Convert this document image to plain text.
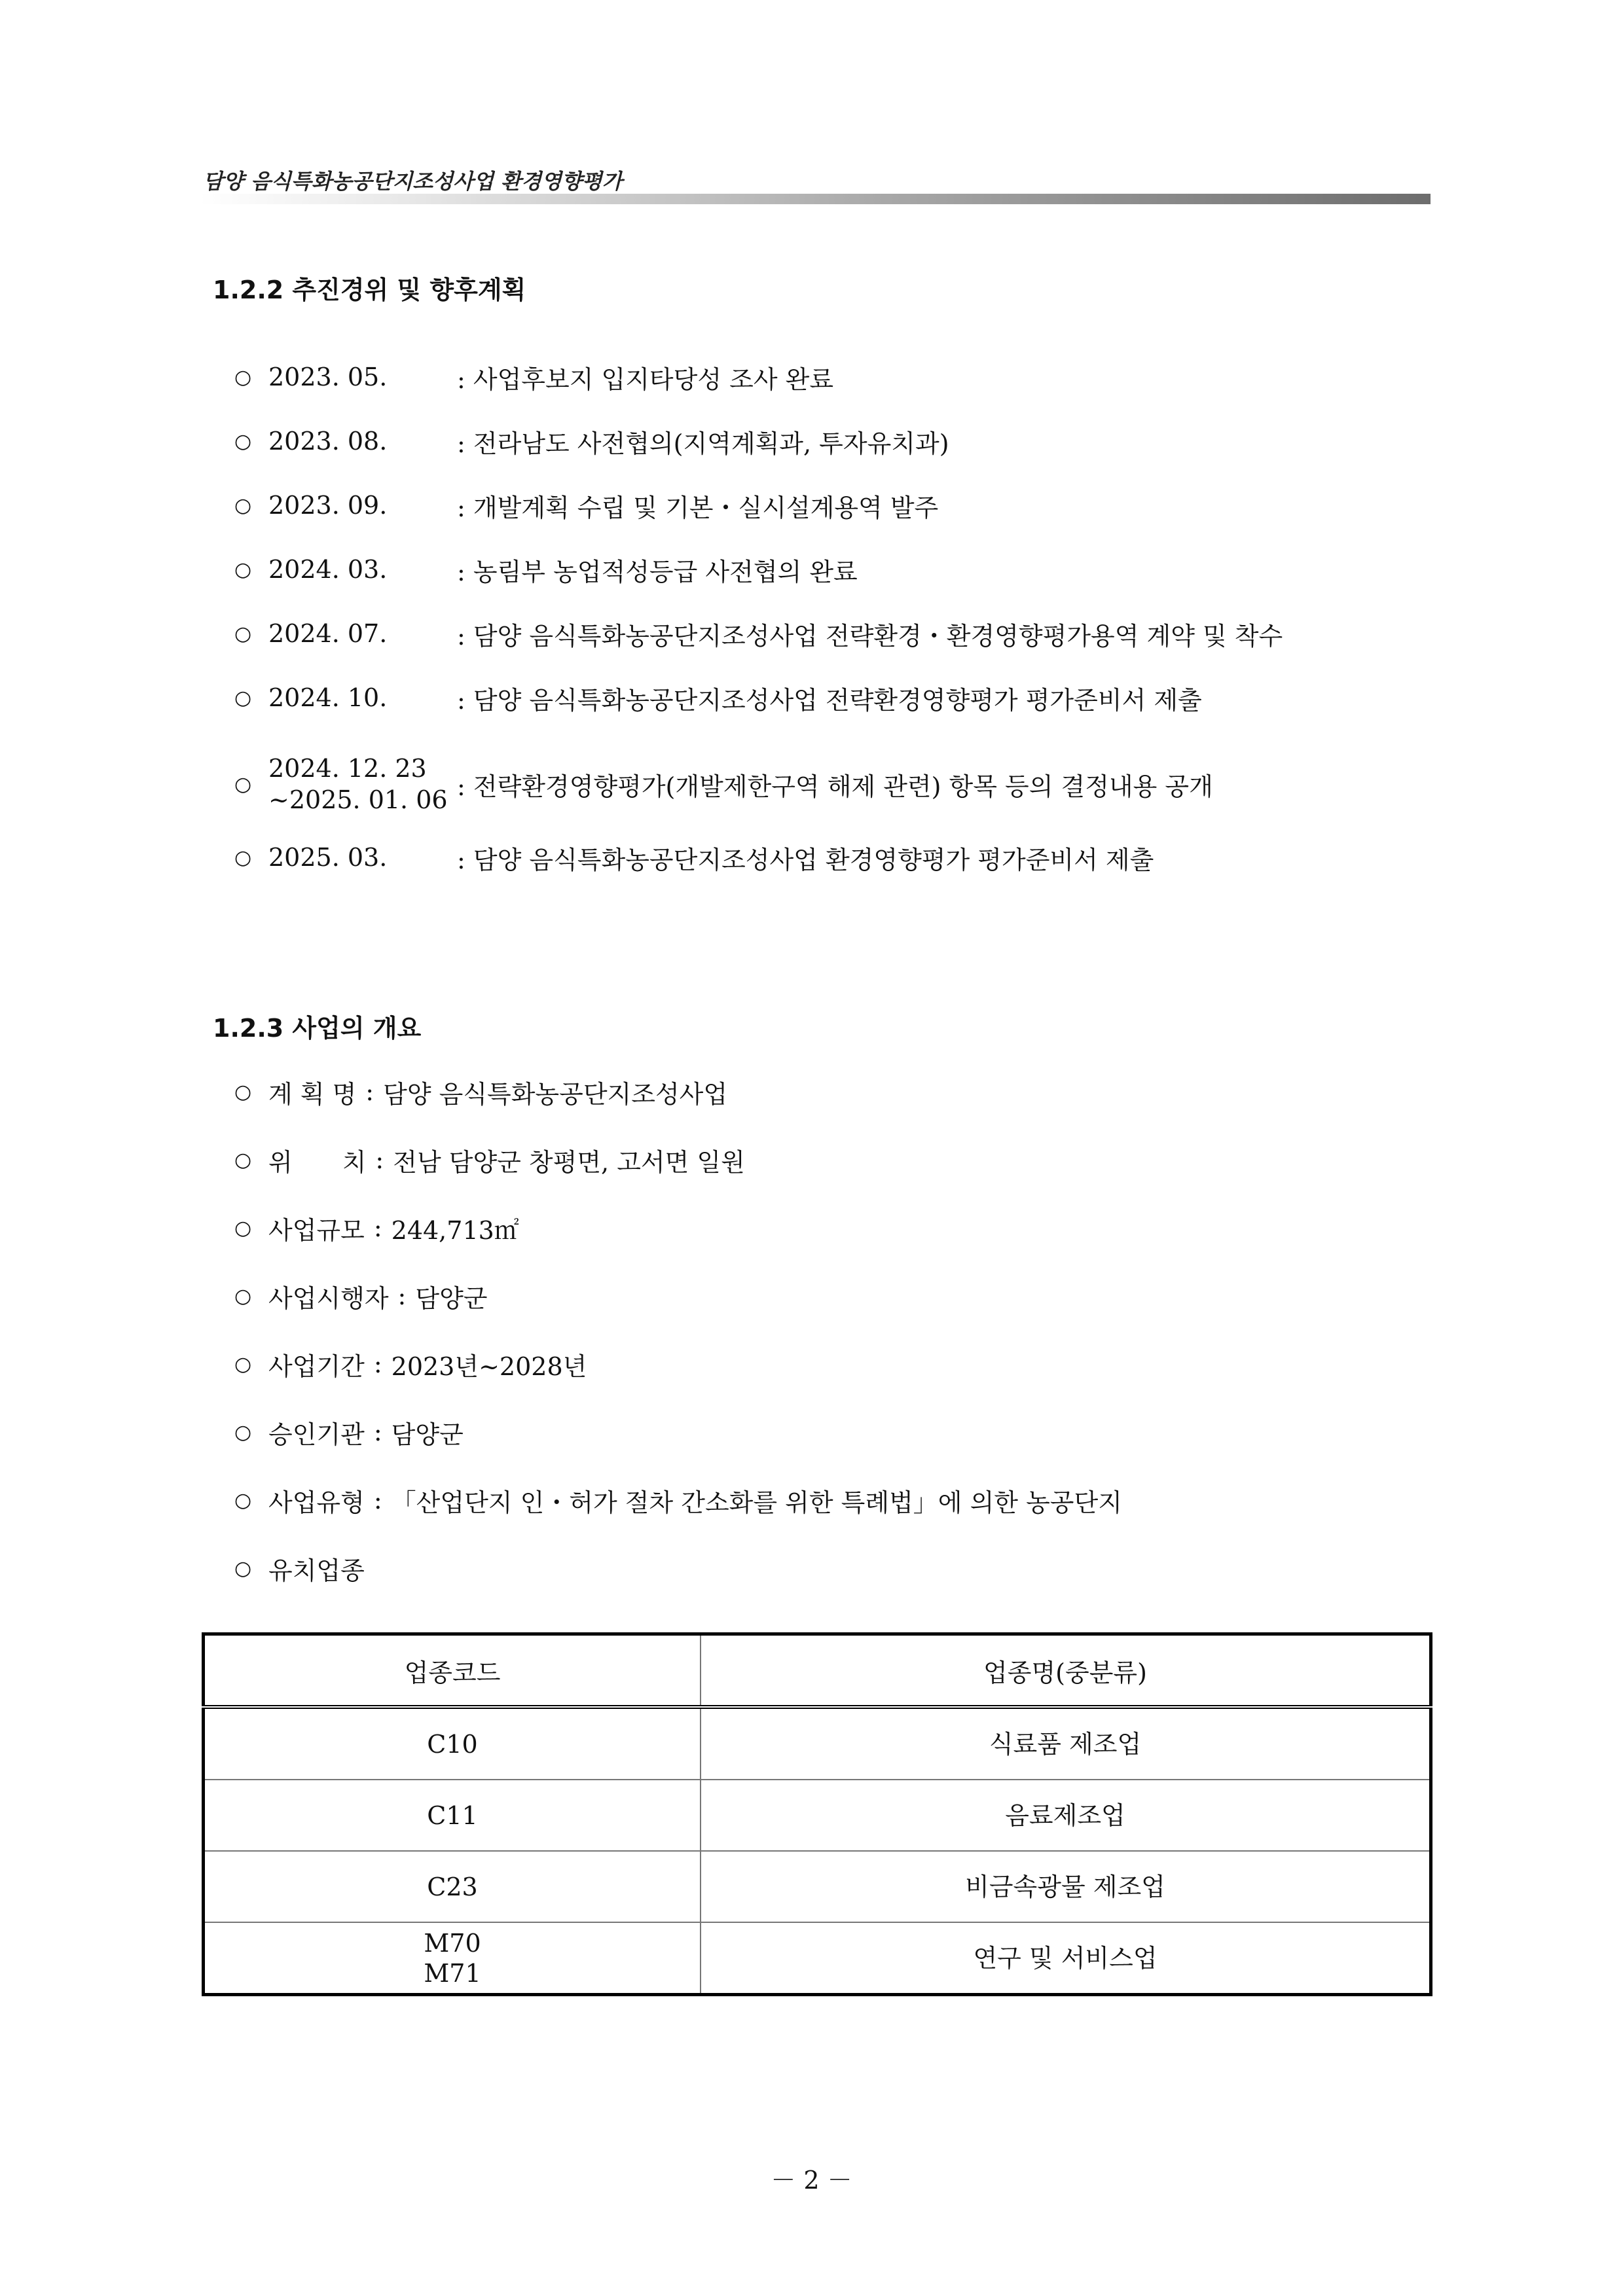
담양 음식특화농공단지조성사업 환경영향평가
1.2.2 추진경위 및 향후계획
○ 2023. 05.	: 사업후보지 입지타당성 조사 완료
○ 2023. 08.	: 전라남도 사전협의(지역계획과, 투자유치과)
○ 2023. 09.	: 개발계획 수립 및 기본・실시설계용역 발주
○ 2024. 03.	: 농림부 농업적성등급 사전협의 완료
○ 2024. 07.	: 담양 음식특화농공단지조성사업 전략환경・환경영향평가용역 계약 및 착수
○ 2024. 10.	: 담양 음식특화농공단지조성사업 전략환경영향평가 평가준비서 제출
○
2024. 12. 23
~2025. 01. 06 : 전략환경영향평가(개발제한구역 해제 관련) 항목 등의 결정내용 공개
○ 2025. 03.	: 담양 음식특화농공단지조성사업 환경영향평가 평가준비서 제출
1.2.3 사업의 개요
○ 계 획 명 : 담양 음식특화농공단지조성사업
○ 위　　치 : 전남 담양군 창평면, 고서면 일원
○ 사업규모 : 244,713㎡
○ 사업시행자 : 담양군
○ 사업기간 : 2023년~2028년
○ 승인기관 : 담양군
○ 사업유형 : 「산업단지 인・허가 절차 간소화를 위한 특례법」에 의한 농공단지
○ 유치업종
업종코드	업종명(중분류)
C10	식료품 제조업
C11	음료제조업
C23	비금속광물 제조업

M70
M71	연구 및 서비스업
－ 2 －
